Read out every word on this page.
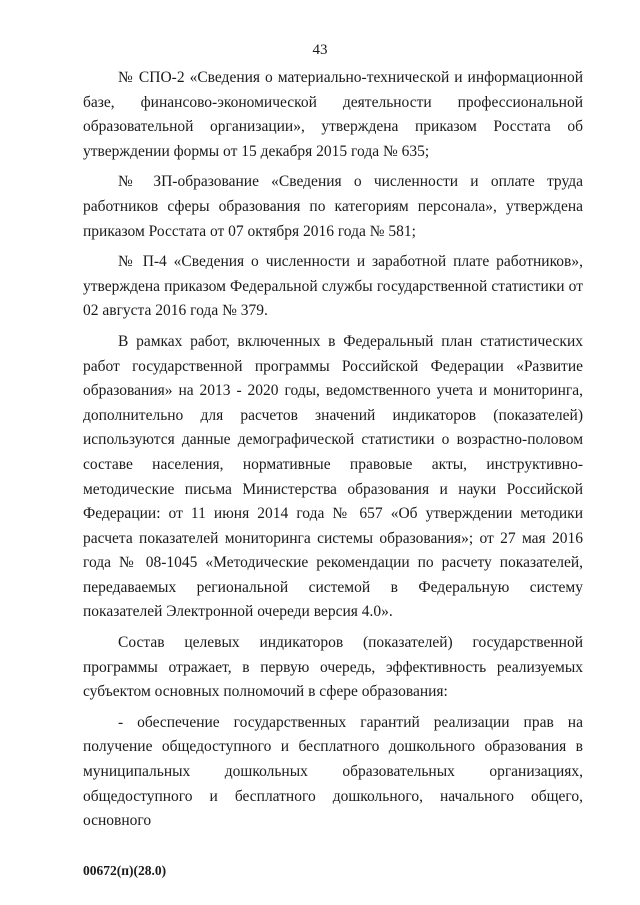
43

№ СПО-2 «Сведения о материально-технической и информационной базе, финансово-экономической деятельности профессиональной образовательной организации», утверждена приказом Росстата об утверждении формы от 15 декабря 2015 года № 635;

№ ЗП-образование «Сведения о численности и оплате труда работников сферы образования по категориям персонала», утверждена приказом Росстата от 07 октября 2016 года № 581;

№ П-4 «Сведения о численности и заработной плате работников», утверждена приказом Федеральной службы государственной статистики от 02 августа 2016 года № 379.

В рамках работ, включенных в Федеральный план статистических работ государственной программы Российской Федерации «Развитие образования» на 2013 - 2020 годы, ведомственного учета и мониторинга, дополнительно для расчетов значений индикаторов (показателей) используются данные демографической статистики о возрастно-половом составе населения, нормативные правовые акты, инструктивно-методические письма Министерства образования и науки Российской Федерации: от 11 июня 2014 года № 657 «Об утверждении методики расчета показателей мониторинга системы образования»; от 27 мая 2016 года № 08-1045 «Методические рекомендации по расчету показателей, передаваемых региональной системой в Федеральную систему показателей Электронной очереди версия 4.0».

Состав целевых индикаторов (показателей) государственной программы отражает, в первую очередь, эффективность реализуемых субъектом основных полномочий в сфере образования:

- обеспечение государственных гарантий реализации прав на получение общедоступного и бесплатного дошкольного образования в муниципальных дошкольных образовательных организациях, общедоступного и бесплатного дошкольного, начального общего, основного

00672(п)(28.0)
